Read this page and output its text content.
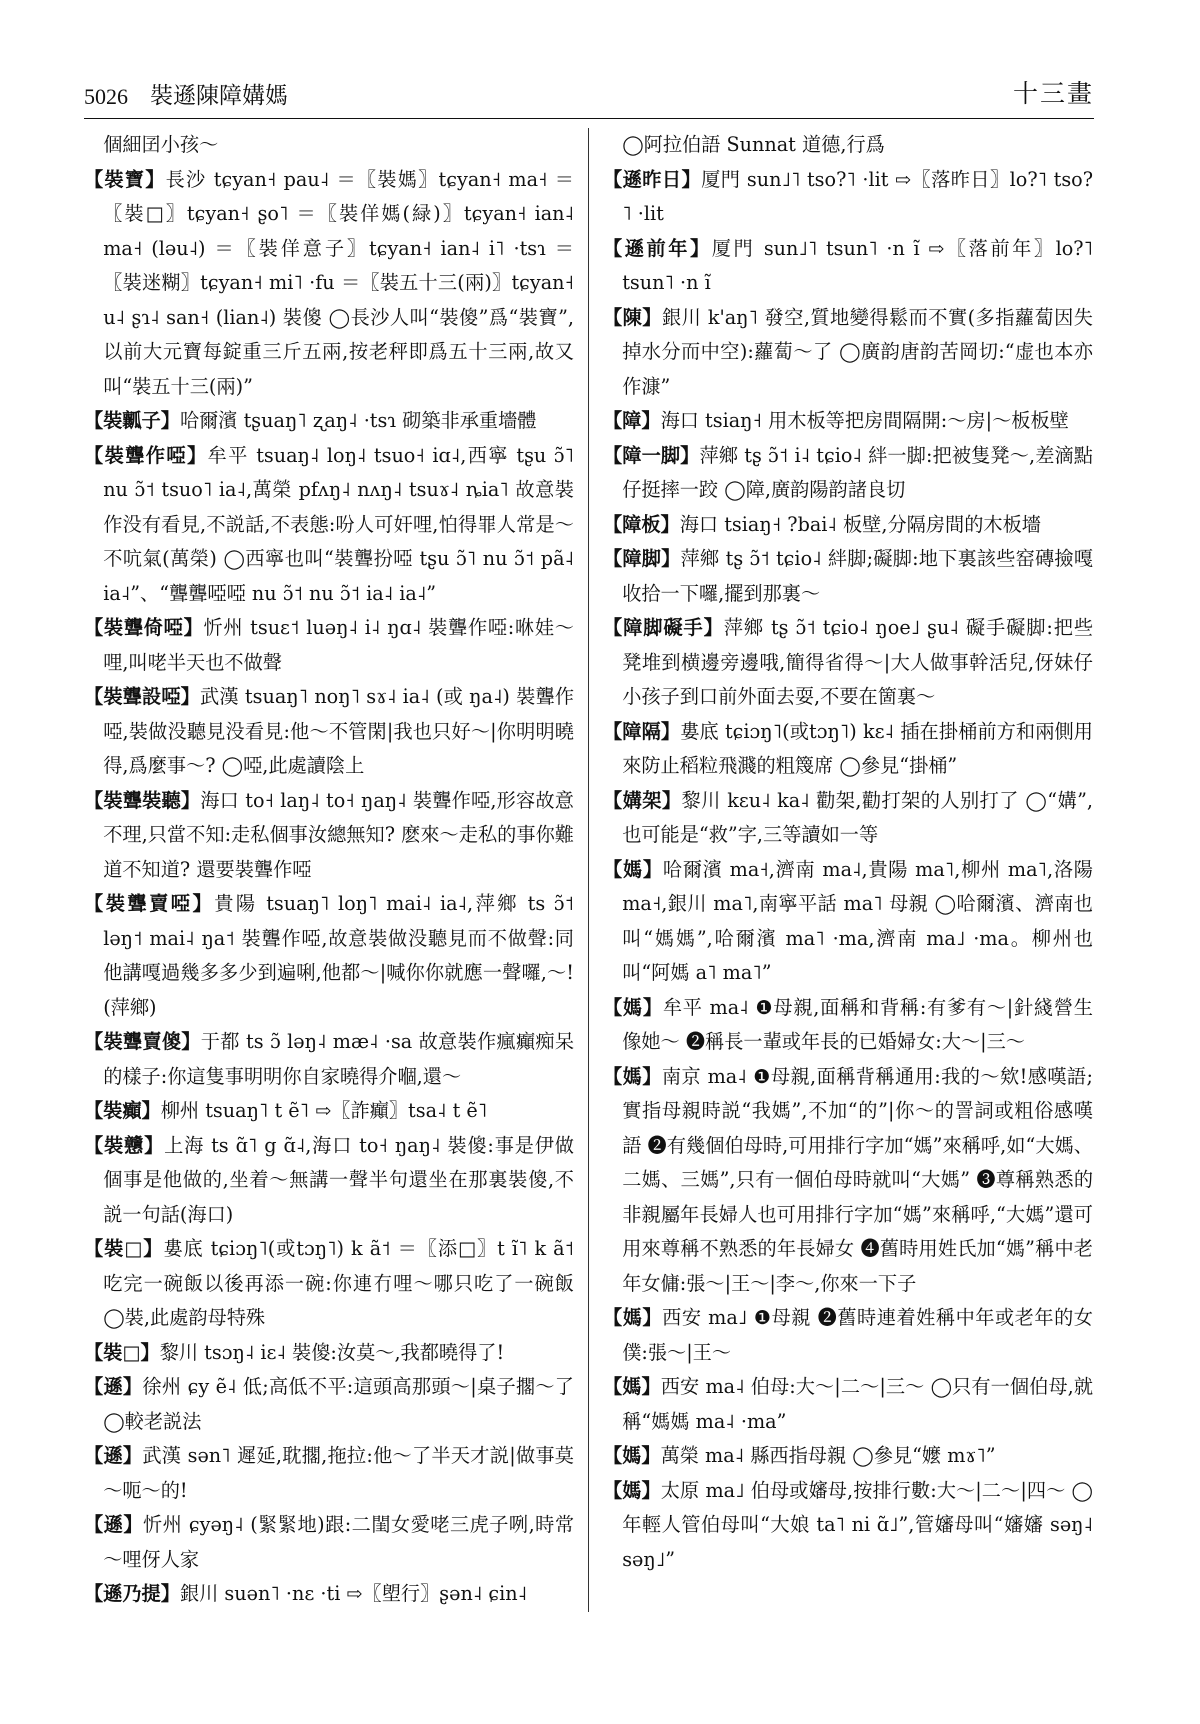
5026 裝遜陳障媾媽	十三畫

個細囝小孩～

【裝寶】長沙 tɕyan˧ pau˨ ＝〖裝媽〗tɕyan˧ ma˧ ＝〖裝□〗tɕyan˧ ʂo˥ ＝〖裝佯媽(緑)〗tɕyan˧ ian˨ ma˧ (ləu˨) ＝〖裝佯意子〗tɕyan˧ ian˨ i˥ ·tsɿ ＝〖裝迷糊〗tɕyan˧ mi˥ ·fu ＝〖裝五十三(兩)〗tɕyan˧ u˨ ʂɿ˨ san˧ (lian˨) 裝傻 ◯長沙人叫“裝傻”爲“裝寶”,以前大元寶每錠重三斤五兩,按老秤即爲五十三兩,故又叫“裝五十三(兩)”

【裝瓤子】哈爾濱 tʂuaŋ˥ ʐaŋ˨ ·tsɿ 砌築非承重墻體

【裝聾作啞】牟平 tsuaŋ˨ loŋ˨ tsuo˧ iɑ˨,西寧 tʂu ɔ̃˥ nu ɔ̃˦ tsuo˥ ia˨,萬榮 pfʌŋ˨ nʌŋ˨ tsuɤ˨ ȵia˥ 故意裝作没有看見,不説話,不表態:吩人可奸哩,怕得罪人常是～不吭氣(萬榮) ◯西寧也叫“裝聾扮啞 tʂu ɔ̃˥ nu ɔ̃˦ pã˨ ia˨”、“聾聾啞啞 nu ɔ̃˦ nu ɔ̃˦ ia˨ ia˨”

【裝聾倚啞】忻州 tsuɛ˦ luəŋ˨ i˨ ŋɑ˨ 裝聾作啞:咻娃～哩,叫咾半天也不做聲

【裝聾設啞】武漢 tsuaŋ˥ noŋ˥ sɤ˨ ia˨ (或 ŋa˨) 裝聾作啞,裝做没聽見没看見:他～不管閑|我也只好～|你明明曉得,爲麼事～? ◯啞,此處讀陰上

【裝聾裝聽】海口 to˧ laŋ˨ to˧ ŋaŋ˨ 裝聾作啞,形容故意不理,只當不知:走私個事汝總無知? 麽來～走私的事你難道不知道? 還要裝聾作啞

【裝聾賣啞】貴陽 tsuaŋ˥ loŋ˥ mai˨ ia˨,萍鄉 ts ɔ̃˦ ləŋ˦ mai˨ ŋa˦ 裝聾作啞,故意裝做没聽見而不做聲:同他講嘎過幾多多少到遍唎,他都～|喊你你就應一聲囉,～!(萍鄉)

【裝聾賣傻】于都 ts ɔ̃ ləŋ˨ mæ˨ ·sa 故意裝作瘋癲痴呆的樣子:你這隻事明明你自家曉得介嗰,還～

【裝癲】柳州 tsuaŋ˥ t ẽ˥ ⇨〖詐癲〗tsa˨ t ẽ˥

【裝戇】上海 ts ɑ̃˥ g ɑ̃˨,海口 to˧ ŋaŋ˨ 裝傻:事是伊做個事是他做的,坐着～無講一聲半句還坐在那裏裝傻,不説一句話(海口)

【裝□】婁底 tɕiɔŋ˥(或tɔŋ˥) k ã˦ ＝〖添□〗t ĩ˥ k ã˦ 吃完一碗飯以後再添一碗:你連冇哩～哪只吃了一碗飯 ◯裝,此處韵母特殊

【裝□】黎川 tsɔŋ˨ iɛ˨ 裝傻:汝莫～,我都曉得了!

【遜】徐州 ɕy ẽ˨ 低;高低不平:這頭高那頭～|桌子擱～了 ◯較老説法

【遜】武漢 sən˥ 遲延,耽擱,拖拉:他～了半天才説|做事莫～呃～的!

【遜】忻州 ɕyəŋ˨ (緊緊地)跟:二閨女愛咾三虎子咧,時常～哩伢人家

【遜乃提】銀川 suən˥ ·nɛ ·ti ⇨〖塱行〗ʂən˨ ɕin˨

◯阿拉伯語 Sunnat 道德,行爲

【遜昨日】厦門 sun˩˥ tso?˥ ·lit ⇨〖落昨日〗lo?˥ tso?˥ ·lit

【遜前年】厦門 sun˩˥ tsun˥ ·n ĩ ⇨〖落前年〗lo?˥ tsun˥ ·n ĩ

【陳】銀川 k'aŋ˥ 發空,質地變得鬆而不實(多指蘿蔔因失掉水分而中空):蘿蔔～了 ◯廣韵唐韵苦岡切:“虚也本亦作漮”

【障】海口 tsiaŋ˧ 用木板等把房間隔開:～房|～板板壁

【障一脚】萍鄉 tʂ ɔ̃˦ i˨ tɕio˨ 絆一脚:把被隻凳～,差滴點仔挺摔一跤 ◯障,廣韵陽韵諸良切

【障板】海口 tsiaŋ˧ ?bai˨ 板壁,分隔房間的木板墻

【障脚】萍鄉 tʂ ɔ̃˦ tɕio˨ 絆脚;礙脚:地下裏該些窑磚撿嘎收拾一下囉,擺到那裏～

【障脚礙手】萍鄉 tʂ ɔ̃˦ tɕio˨ ŋoe˩ ʂu˨ 礙手礙脚:把些凳堆到横邊旁邊哦,簡得省得～|大人做事幹活兒,伢妹仔小孩子到口前外面去耍,不要在箇裏～

【障隔】婁底 tɕiɔŋ˥(或tɔŋ˥) kɛ˨ 插在掛桶前方和兩側用來防止稻粒飛濺的粗篾席 ◯參見“掛桶”

【媾架】黎川 kɛu˨ ka˨ 勸架,勸打架的人别打了 ◯“媾”,也可能是“救”字,三等讀如一等

【媽】哈爾濱 ma˧,濟南 ma˨,貴陽 ma˥,柳州 ma˥,洛陽 ma˧,銀川 ma˥,南寧平話 ma˥ 母親 ◯哈爾濱、濟南也叫“媽媽”,哈爾濱 ma˥ ·ma,濟南 ma˩ ·ma。柳州也叫“阿媽 a˥ ma˥”

【媽】牟平 ma˨ ❶母親,面稱和背稱:有爹有～|針綫營生像她～ ❷稱長一輩或年長的已婚婦女:大～|三～

【媽】南京 ma˨ ❶母親,面稱背稱通用:我的～欸!感嘆語;實指母親時説“我媽”,不加“的”|你～的詈詞或粗俗感嘆語 ❷有幾個伯母時,可用排行字加“媽”來稱呼,如“大媽、二媽、三媽”,只有一個伯母時就叫“大媽” ❸尊稱熟悉的非親屬年長婦人也可用排行字加“媽”來稱呼,“大媽”還可用來尊稱不熟悉的年長婦女 ❹舊時用姓氏加“媽”稱中老年女傭:張～|王～|李～,你來一下子

【媽】西安 ma˩ ❶母親 ❷舊時連着姓稱中年或老年的女僕:張～|王～

【媽】西安 ma˨ 伯母:大～|二～|三～ ◯只有一個伯母,就稱“媽媽 ma˨ ·ma”

【媽】萬榮 ma˨ 縣西指母親 ◯參見“嬤 mɤ˥”

【媽】太原 ma˩ 伯母或嬸母,按排行數:大～|二～|四～ ◯年輕人管伯母叫“大娘 ta˥ ni ɑ̃˩”,管嬸母叫“嬸嬸 səŋ˨ səŋ˩”
